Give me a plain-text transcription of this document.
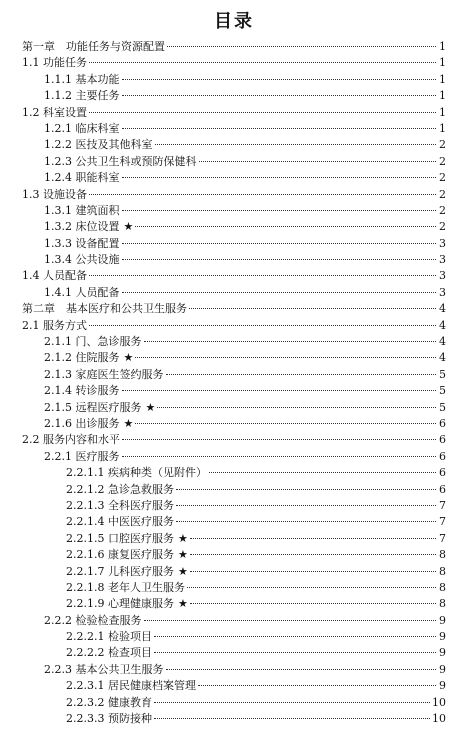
目录
第一章　功能任务与资源配置	1
1.1 功能任务	1
1.1.1 基本功能	1
1.1.2 主要任务	1
1.2 科室设置	1
1.2.1 临床科室	1
1.2.2 医技及其他科室	2
1.2.3 公共卫生科或预防保健科	2
1.2.4 职能科室	2
1.3 设施设备	2
1.3.1 建筑面积	2
1.3.2 床位设置 ★	2
1.3.3 设备配置	3
1.3.4 公共设施	3
1.4 人员配备	3
1.4.1 人员配备	3
第二章　基本医疗和公共卫生服务	4
2.1 服务方式	4
2.1.1 门、急诊服务	4
2.1.2 住院服务 ★	4
2.1.3 家庭医生签约服务	5
2.1.4 转诊服务	5
2.1.5 远程医疗服务 ★	5
2.1.6 出诊服务 ★	6
2.2 服务内容和水平	6
2.2.1 医疗服务	6
2.2.1.1 疾病种类（见附件）	6
2.2.1.2 急诊急救服务	6
2.2.1.3 全科医疗服务	7
2.2.1.4 中医医疗服务	7
2.2.1.5 口腔医疗服务 ★	7
2.2.1.6 康复医疗服务 ★	8
2.2.1.7 儿科医疗服务 ★	8
2.2.1.8 老年人卫生服务	8
2.2.1.9 心理健康服务 ★	8
2.2.2 检验检查服务	9
2.2.2.1 检验项目	9
2.2.2.2 检查项目	9
2.2.3 基本公共卫生服务	9
2.2.3.1 居民健康档案管理	9
2.2.3.2 健康教育	10
2.2.3.3 预防接种	10
